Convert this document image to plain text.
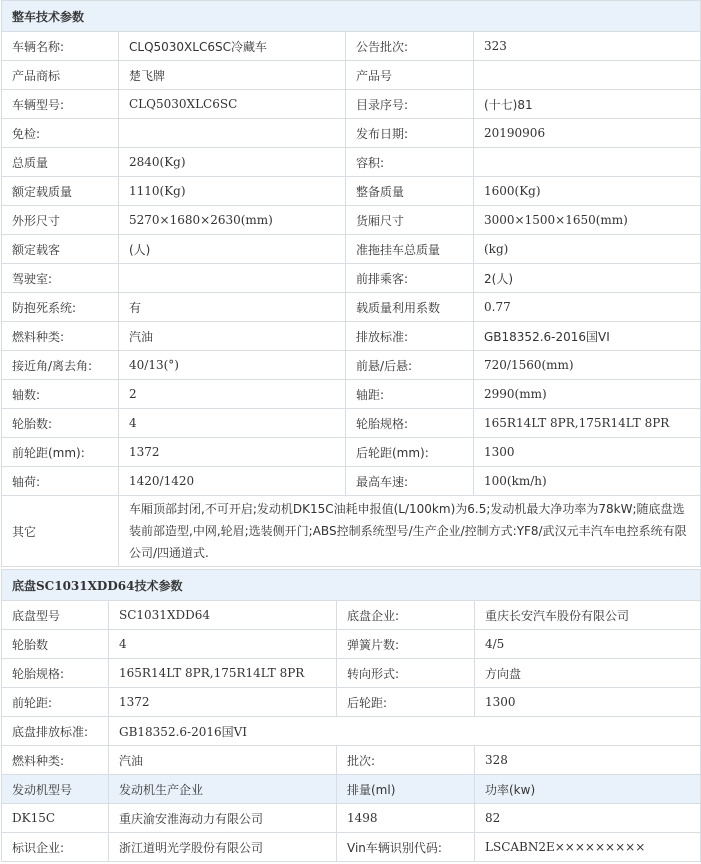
整车技术参数			
车辆名称:	CLQ5030XLC6SC冷藏车	公告批次:	323
产品商标	楚飞牌	产品号	
车辆型号:	CLQ5030XLC6SC	目录序号:	(十七)81
免检:		发布日期:	20190906
总质量	2840(Kg)	容积:	
额定载质量	1110(Kg)	整备质量	1600(Kg)
外形尺寸	5270×1680×2630(mm)	货厢尺寸	3000×1500×1650(mm)
额定载客	(人)	准拖挂车总质量	(kg)
驾驶室:		前排乘客:	2(人)
防抱死系统:	有	载质量利用系数	0.77
燃料种类:	汽油	排放标准:	GB18352.6-2016国VI
接近角/离去角:	40/13(°)	前悬/后悬:	720/1560(mm)
轴数:	2	轴距:	2990(mm)
轮胎数:	4	轮胎规格:	165R14LT 8PR,175R14LT 8PR
前轮距(mm):	1372	后轮距(mm):	1300
轴荷:	1420/1420	最高车速:	100(km/h)
其它	车厢顶部封闭,不可开启;发动机DK15C油耗申报值(L/100km)为6.5;发动机最大净功率为78kW;随底盘选装前部造型,中网,轮眉;选装侧开门;ABS控制系统型号/生产企业/控制方式:YF8/武汉元丰汽车电控系统有限公司/四通道式.		
底盘SC1031XDD64技术参数			
底盘型号	SC1031XDD64	底盘企业:	重庆长安汽车股份有限公司
轮胎数	4	弹簧片数:	4/5
轮胎规格:	165R14LT 8PR,175R14LT 8PR	转向形式:	方向盘
前轮距:	1372	后轮距:	1300
底盘排放标准:	GB18352.6-2016国VI		
燃料种类:	汽油	批次:	328
发动机型号	发动机生产企业	排量(ml)	功率(kw)
DK15C	重庆渝安淮海动力有限公司	1498	82
标识企业:	浙江道明光学股份有限公司	Vin车辆识别代码:	LSCABN2E×××××××××
